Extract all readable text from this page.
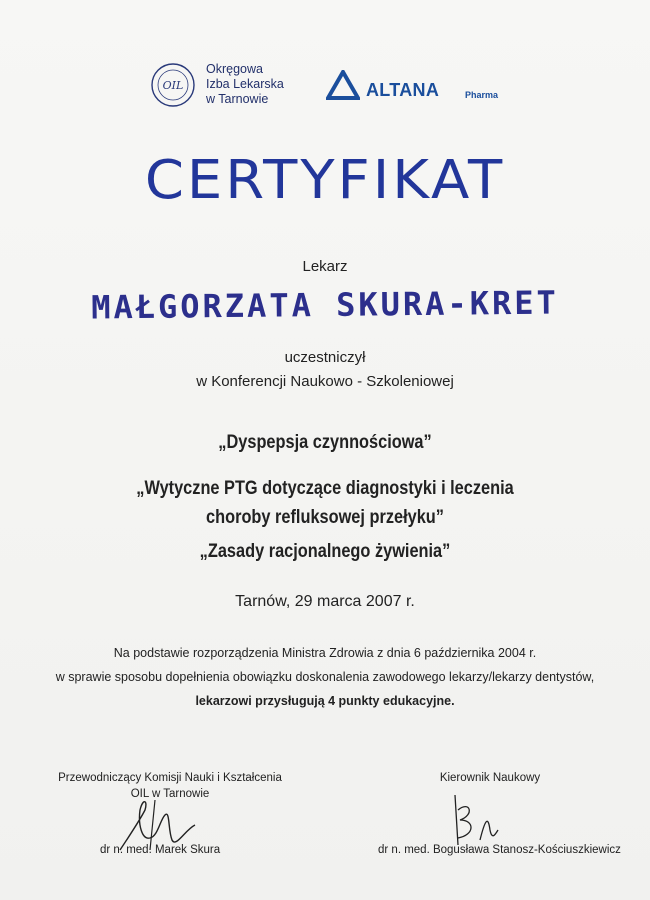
OIL
Okręgowa
Izba Lekarska
w Tarnowie	ALTANA	Pharma
CERTYFIKAT
Lekarz
MAŁGORZATA SKURA-KRET
uczestniczył
w Konferencji Naukowo - Szkoleniowej
„Dyspepsja czynnościowa”
„Wytyczne PTG dotyczące diagnostyki i leczenia
choroby refluksowej przełyku”
„Zasady racjonalnego żywienia”
Tarnów, 29 marca 2007 r.
Na podstawie rozporządzenia Ministra Zdrowia z dnia 6 października 2004 r.
w sprawie sposobu dopełnienia obowiązku doskonalenia zawodowego lekarzy/lekarzy dentystów,
lekarzowi przysługują 4 punkty edukacyjne.
Przewodniczący Komisji Nauki i Kształcenia
OIL w Tarnowie
dr n. med. Marek Skura
Kierownik Naukowy
dr n. med. Bogusława Stanosz-Kościuszkiewicz
